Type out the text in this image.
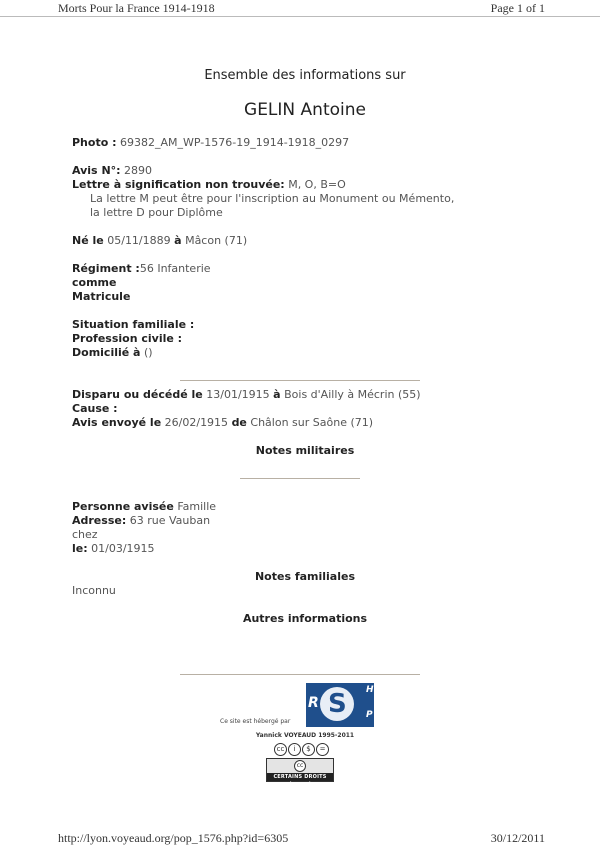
Morts Pour la France 1914-1918	Page 1 of 1
Ensemble des informations sur
GELIN Antoine
Photo : 69382_AM_WP-1576-19_1914-1918_0297
Avis N°: 2890
Lettre à signification non trouvée: M, O, B=O
La lettre M peut être pour l'inscription au Monument ou Mémento,
la lettre D pour Diplôme
Né le 05/11/1889 à Mâcon (71)
Régiment :56 Infanterie
comme
Matricule
Situation familiale :
Profession civile :
Domicilié à ()
Disparu ou décédé le 13/01/1915 à Bois d'Ailly à Mécrin (55)
Cause :
Avis envoyé le 26/02/1915 de Châlon sur Saône (71)
Notes militaires
Personne avisée Famille
Adresse: 63 rue Vauban
chez
le: 01/03/1915
Notes familiales
Inconnu
Autres informations
Ce site est hébergé par
S
R
H
P
Yannick VOYEAUD 1995-2011
cc	i	$	=
cc
CERTAINS DROITS RÉSERVÉS
http://lyon.voyeaud.org/pop_1576.php?id=6305	30/12/2011
